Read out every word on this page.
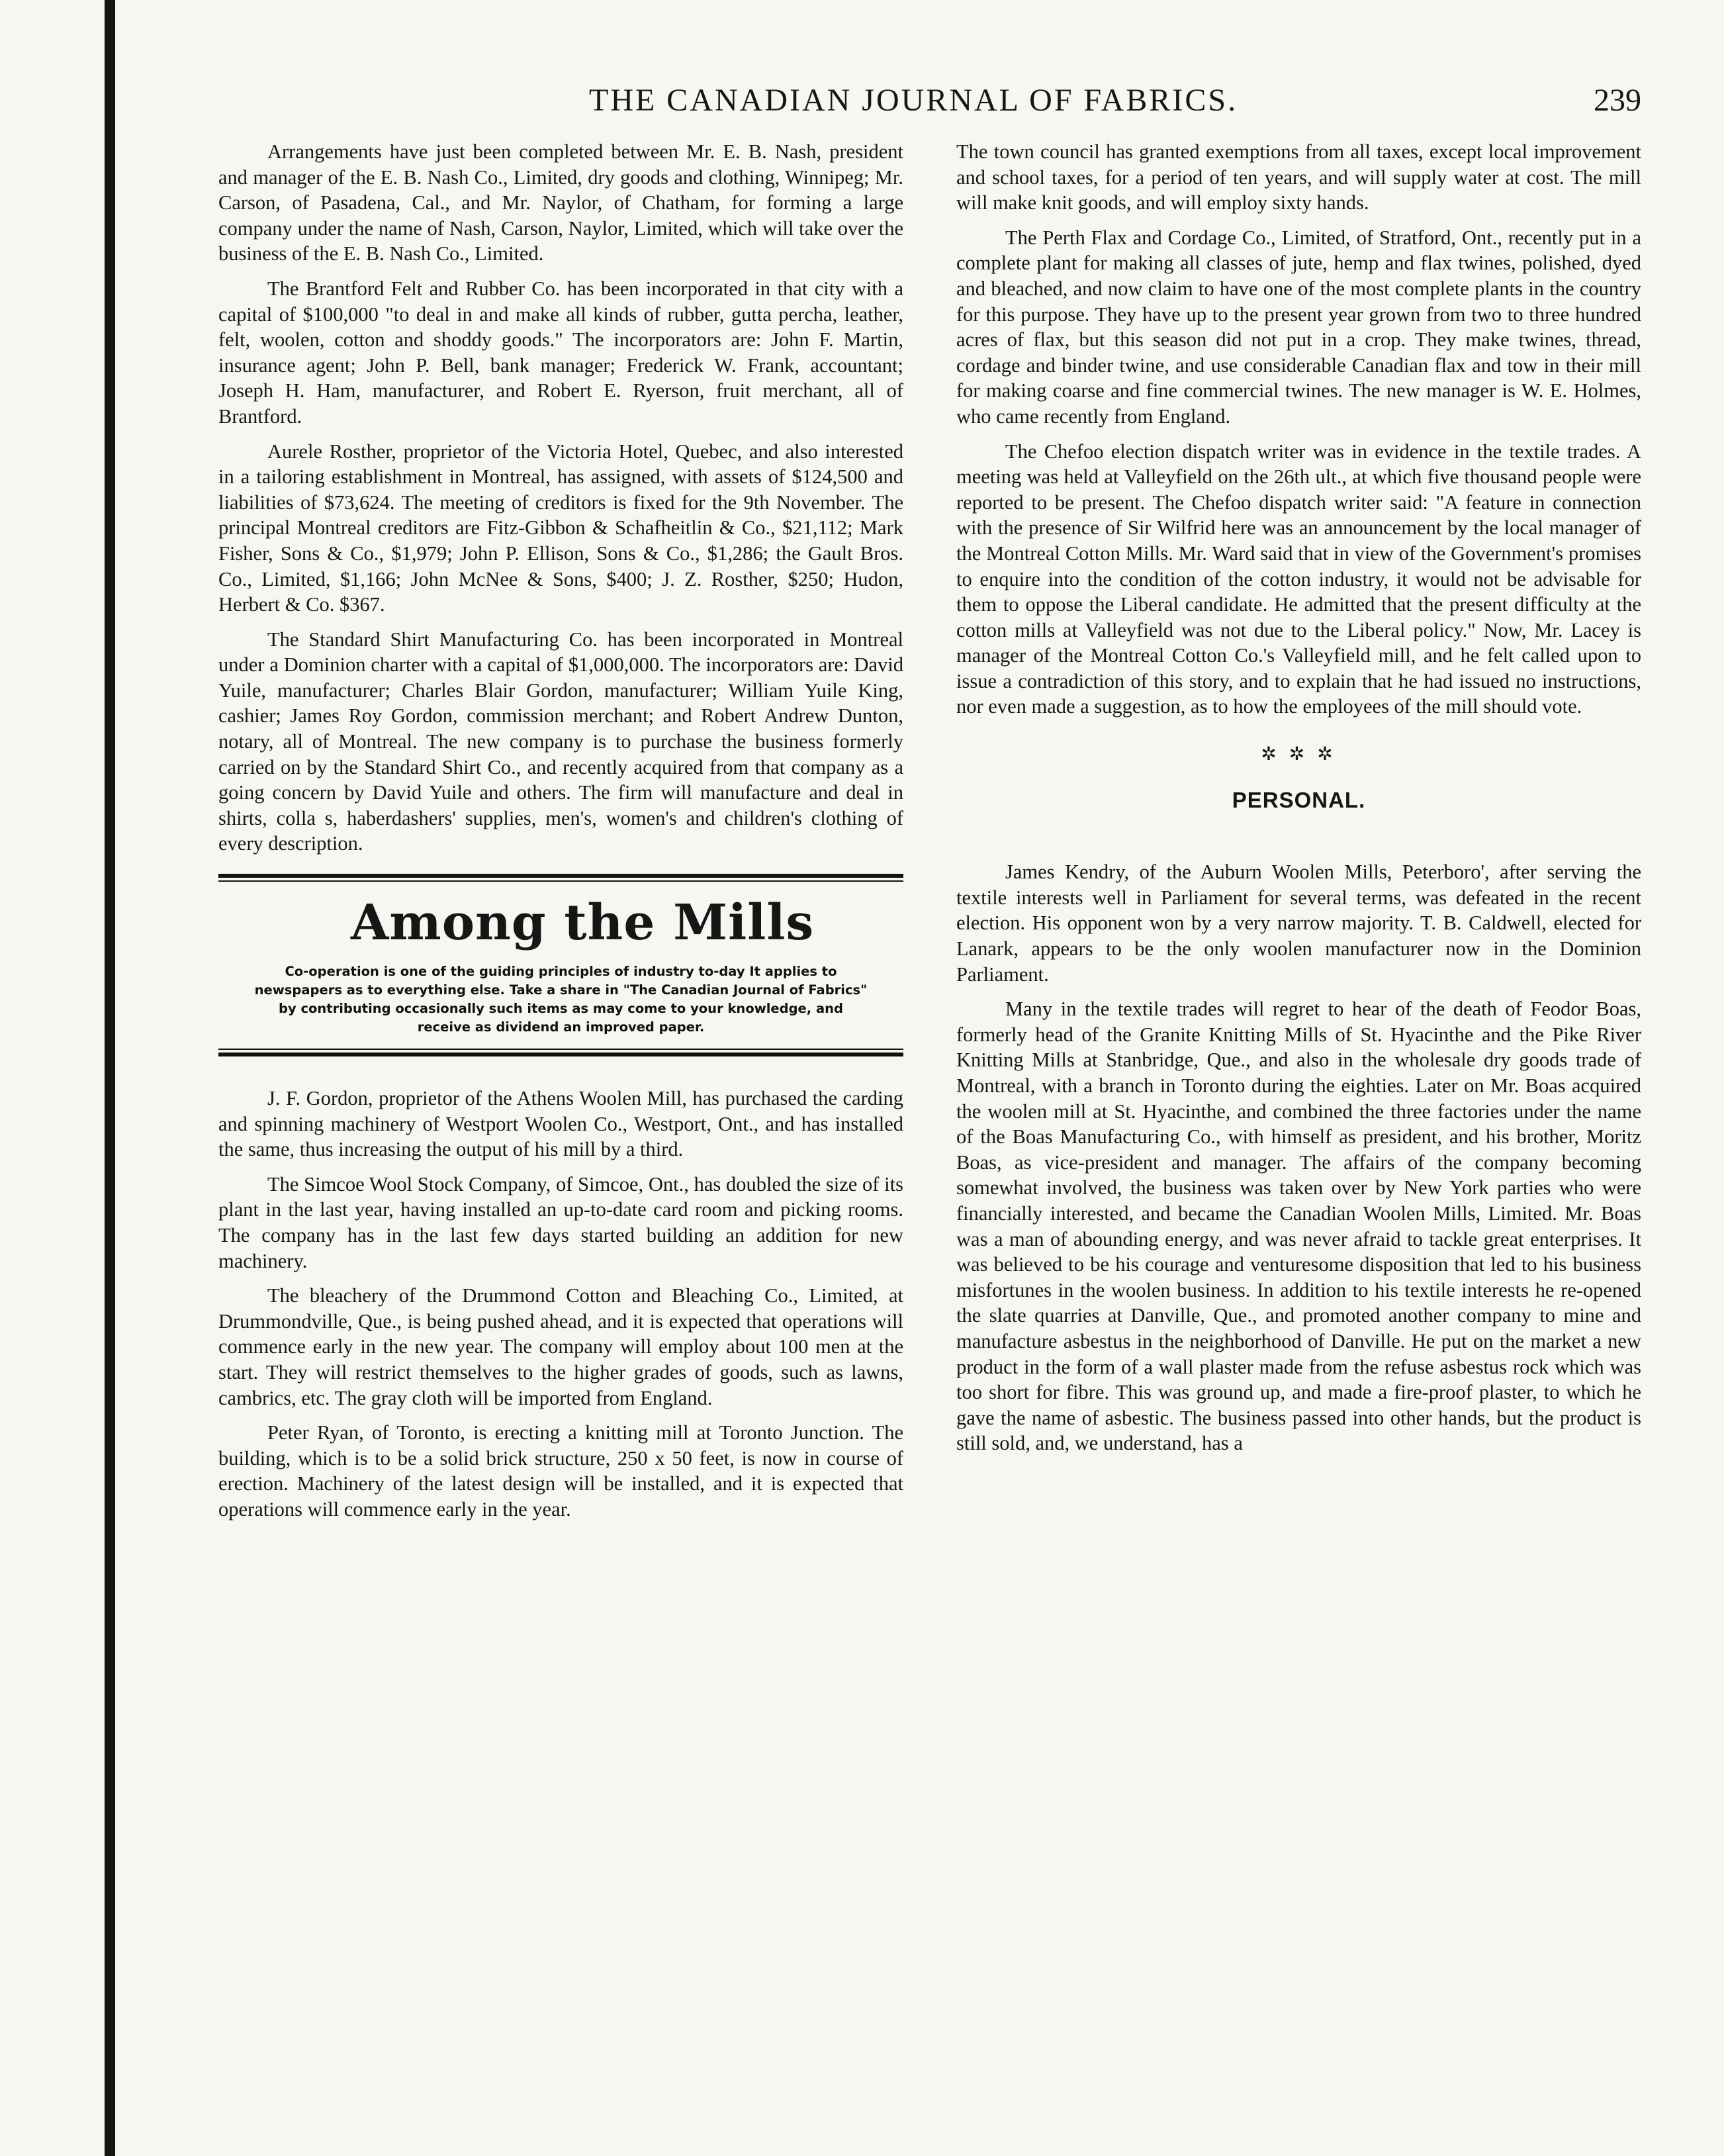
THE CANADIAN JOURNAL OF FABRICS.	239

Arrangements have just been completed between Mr. E. B. Nash, president and manager of the E. B. Nash Co., Limited, dry goods and clothing, Winnipeg; Mr. Carson, of Pasadena, Cal., and Mr. Naylor, of Chatham, for forming a large company under the name of Nash, Carson, Naylor, Limited, which will take over the business of the E. B. Nash Co., Limited.

The Brantford Felt and Rubber Co. has been incorporated in that city with a capital of $100,000 "to deal in and make all kinds of rubber, gutta percha, leather, felt, woolen, cotton and shoddy goods." The incorporators are: John F. Martin, insurance agent; John P. Bell, bank manager; Frederick W. Frank, accountant; Joseph H. Ham, manufacturer, and Robert E. Ryerson, fruit merchant, all of Brantford.

Aurele Rosther, proprietor of the Victoria Hotel, Quebec, and also interested in a tailoring establishment in Montreal, has assigned, with assets of $124,500 and liabilities of $73,624. The meeting of creditors is fixed for the 9th November. The principal Montreal creditors are Fitz-Gibbon & Schafheitlin & Co., $21,112; Mark Fisher, Sons & Co., $1,979; John P. Ellison, Sons & Co., $1,286; the Gault Bros. Co., Limited, $1,166; John McNee & Sons, $400; J. Z. Rosther, $250; Hudon, Herbert & Co. $367.

The Standard Shirt Manufacturing Co. has been incorporated in Montreal under a Dominion charter with a capital of $1,000,000. The incorporators are: David Yuile, manufacturer; Charles Blair Gordon, manufacturer; William Yuile King, cashier; James Roy Gordon, commission merchant; and Robert Andrew Dunton, notary, all of Montreal. The new company is to purchase the business formerly carried on by the Standard Shirt Co., and recently acquired from that company as a going concern by David Yuile and others. The firm will manufacture and deal in shirts, colla s, haberdashers' supplies, men's, women's and children's clothing of every description.

Among the Mills
Co-operation is one of the guiding principles of industry to-day It applies to newspapers as to everything else. Take a share in "The Canadian Journal of Fabrics" by contributing occasionally such items as may come to your knowledge, and receive as dividend an improved paper.

J. F. Gordon, proprietor of the Athens Woolen Mill, has purchased the carding and spinning machinery of Westport Woolen Co., Westport, Ont., and has installed the same, thus increasing the output of his mill by a third.

The Simcoe Wool Stock Company, of Simcoe, Ont., has doubled the size of its plant in the last year, having installed an up-to-date card room and picking rooms. The company has in the last few days started building an addition for new machinery.

The bleachery of the Drummond Cotton and Bleaching Co., Limited, at Drummondville, Que., is being pushed ahead, and it is expected that operations will commence early in the new year. The company will employ about 100 men at the start. They will restrict themselves to the higher grades of goods, such as lawns, cambrics, etc. The gray cloth will be imported from England.

Peter Ryan, of Toronto, is erecting a knitting mill at Toronto Junction. The building, which is to be a solid brick structure, 250 x 50 feet, is now in course of erection. Machinery of the latest design will be installed, and it is expected that operations will commence early in the year.

The town council has granted exemptions from all taxes, except local improvement and school taxes, for a period of ten years, and will supply water at cost. The mill will make knit goods, and will employ sixty hands.

The Perth Flax and Cordage Co., Limited, of Stratford, Ont., recently put in a complete plant for making all classes of jute, hemp and flax twines, polished, dyed and bleached, and now claim to have one of the most complete plants in the country for this purpose. They have up to the present year grown from two to three hundred acres of flax, but this season did not put in a crop. They make twines, thread, cordage and binder twine, and use considerable Canadian flax and tow in their mill for making coarse and fine commercial twines. The new manager is W. E. Holmes, who came recently from England.

The Chefoo election dispatch writer was in evidence in the textile trades. A meeting was held at Valleyfield on the 26th ult., at which five thousand people were reported to be present. The Chefoo dispatch writer said: "A feature in connection with the presence of Sir Wilfrid here was an announcement by the local manager of the Montreal Cotton Mills. Mr. Ward said that in view of the Government's promises to enquire into the condition of the cotton industry, it would not be advisable for them to oppose the Liberal candidate. He admitted that the present difficulty at the cotton mills at Valleyfield was not due to the Liberal policy." Now, Mr. Lacey is manager of the Montreal Cotton Co.'s Valleyfield mill, and he felt called upon to issue a contradiction of this story, and to explain that he had issued no instructions, nor even made a suggestion, as to how the employees of the mill should vote.

✲ ✲ ✲
PERSONAL.

James Kendry, of the Auburn Woolen Mills, Peterboro', after serving the textile interests well in Parliament for several terms, was defeated in the recent election. His opponent won by a very narrow majority. T. B. Caldwell, elected for Lanark, appears to be the only woolen manufacturer now in the Dominion Parliament.

Many in the textile trades will regret to hear of the death of Feodor Boas, formerly head of the Granite Knitting Mills of St. Hyacinthe and the Pike River Knitting Mills at Stanbridge, Que., and also in the wholesale dry goods trade of Montreal, with a branch in Toronto during the eighties. Later on Mr. Boas acquired the woolen mill at St. Hyacinthe, and combined the three factories under the name of the Boas Manufacturing Co., with himself as president, and his brother, Moritz Boas, as vice-president and manager. The affairs of the company becoming somewhat involved, the business was taken over by New York parties who were financially interested, and became the Canadian Woolen Mills, Limited. Mr. Boas was a man of abounding energy, and was never afraid to tackle great enterprises. It was believed to be his courage and venturesome disposition that led to his business misfortunes in the woolen business. In addition to his textile interests he re-opened the slate quarries at Danville, Que., and promoted another company to mine and manufacture asbestus in the neighborhood of Danville. He put on the market a new product in the form of a wall plaster made from the refuse asbestus rock which was too short for fibre. This was ground up, and made a fire-proof plaster, to which he gave the name of asbestic. The business passed into other hands, but the product is still sold, and, we understand, has a
